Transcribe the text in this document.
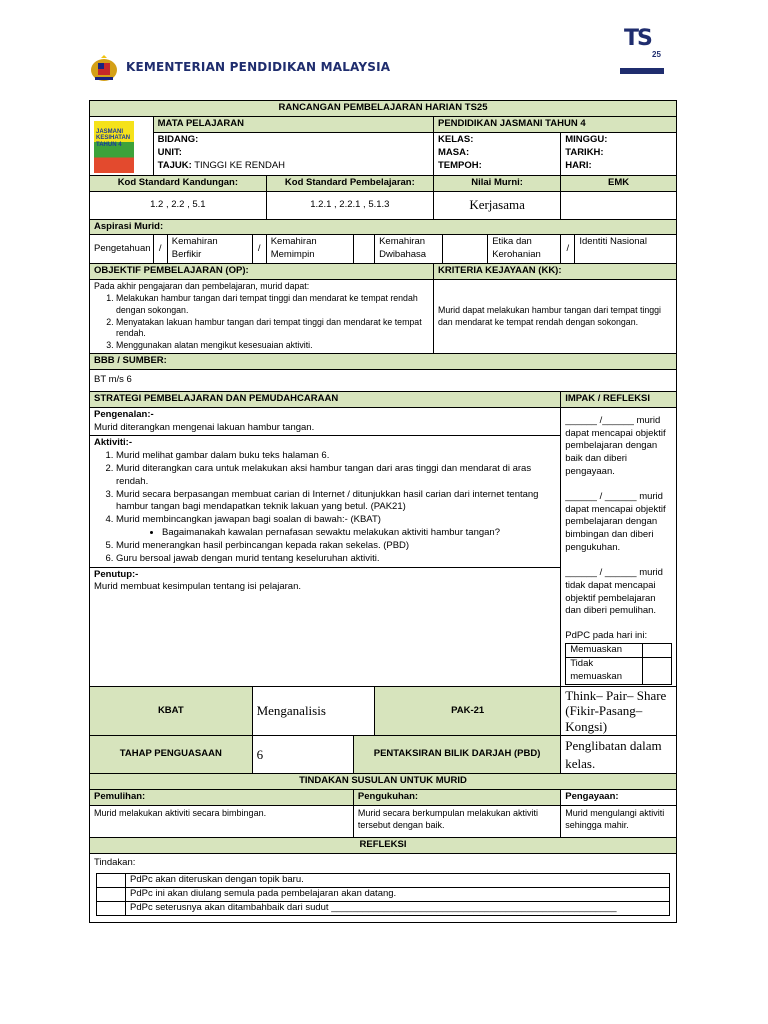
KEMENTERIAN PENDIDIKAN MALAYSIA
TS
25
RANCANGAN PEMBELAJARAN HARIAN TS25

JASMANI KESIHATAN TAHUN 4
	MATA PELAJARAN	PENDIDIKAN JASMANI TAHUN 4

BIDANG:
UNIT:
TAJUK: TINGGI KE RENDAH

KELAS:
MASA:
TEMPOH:

MINGGU:
TARIKH:
HARI:

Kod Standard Kandungan:	Kod Standard Pembelajaran:	Nilai Murni:	EMK
1.2 , 2.2 , 5.1	1.2.1 , 2.2.1 , 5.1.3	Kerjasama	
Aspirasi Murid:
Pengetahuan	/	Kemahiran Berfikir	/	Kemahiran Memimpin		Kemahiran Dwibahasa		Etika dan Kerohanian	/	Identiti Nasional
OBJEKTIF PEMBELAJARAN (OP):	KRITERIA KEJAYAAN (KK):

Pada akhir pengajaran dan pembelajaran, murid dapat:
1. Melakukan hambur tangan dari tempat tinggi dan mendarat ke tempat rendah dengan sokongan.
2. Menyatakan lakuan hambur tangan dari tempat tinggi dan mendarat ke tempat rendah.
3. Menggunakan alatan mengikut kesesuaian aktiviti.
	Murid dapat melakukan hambur tangan dari tempat tinggi dan mendarat ke tempat rendah dengan sokongan.
BBB / SUMBER:
BT m/s 6
STRATEGI PEMBELAJARAN DAN PEMUDAHCARAAN	IMPAK / REFLEKSI

Pengenalan:-
Murid diterangkan mengenai lakuan hambur tangan.
Aktiviti:-
1. Murid melihat gambar dalam buku teks halaman 6.
2. Murid diterangkan cara untuk melakukan aksi hambur tangan dari aras tinggi dan mendarat di aras rendah.
3. Murid secara berpasangan membuat carian di Internet / ditunjukkan hasil carian dari internet tentang hambur tangan bagi mendapatkan teknik lakuan yang betul. (PAK21)
4. Murid membincangkan jawapan bagi soalan di bawah:- (KBAT)
• Bagaimanakah kawalan pernafasan sewaktu melakukan aktiviti hambur tangan?
5. Murid menerangkan hasil perbincangan kepada rakan sekelas. (PBD)
6. Guru bersoal jawab dengan murid tentang keseluruhan aktiviti.
Penutup:-
Murid membuat kesimpulan tentang isi pelajaran.

______ /______ murid dapat mencapai objektif pembelajaran dengan baik dan diberi pengayaan.
______ / ______ murid dapat mencapai objektif pembelajaran dengan bimbingan dan diberi pengukuhan.
______ / ______ murid tidak dapat mencapai objektif pembelajaran dan diberi pemulihan.
PdPC pada hari ini:
Memuaskan	
Tidak memuaskan	

KBAT	Menganalisis	PAK-21	Think– Pair– Share (Fikir-Pasang– Kongsi)
TAHAP PENGUASAAN	6	PENTAKSIRAN BILIK DARJAH (PBD)	Penglibatan dalam kelas.
TINDAKAN SUSULAN UNTUK MURID
Pemulihan:	Pengukuhan:	Pengayaan:
Murid melakukan aktiviti secara bimbingan.	Murid secara berkumpulan melakukan aktiviti tersebut dengan baik.	Murid mengulangi aktiviti sehingga mahir.
REFLEKSI

Tindakan:
	PdPc akan diteruskan dengan topik baru.
	PdPc ini akan diulang semula pada pembelajaran akan datang.
	PdPc seterusnya akan ditambahbaik dari sudut ______________________________________________________
